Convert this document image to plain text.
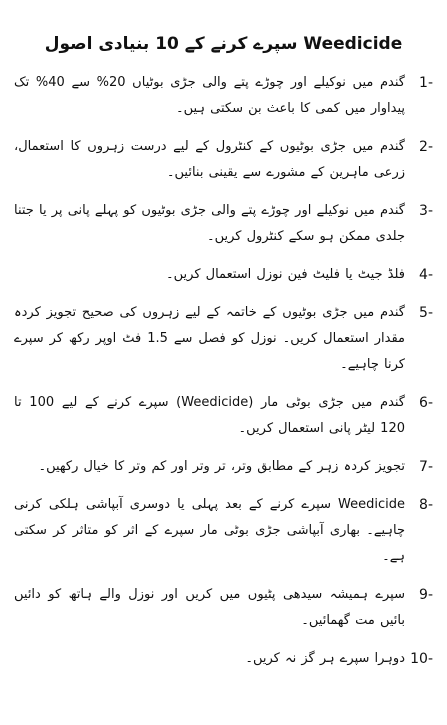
Weedicide سپرے کرنے کے 10 بنیادی اصول
-1
گندم میں نوکیلے اور چوڑے پتے والی جڑی بوٹیاں 20% سے 40% تک پیداوار میں کمی کا باعث بن سکتی ہیں۔
-2
گندم میں جڑی بوٹیوں کے کنٹرول کے لیے درست زہروں کا استعمال، زرعی ماہرین کے مشورے سے یقینی بنائیں۔
-3
گندم میں نوکیلے اور چوڑے پتے والی جڑی بوٹیوں کو پہلے پانی پر یا جتنا جلدی ممکن ہو سکے کنٹرول کریں۔
-4
فلڈ جیٹ یا فلیٹ فین نوزل استعمال کریں۔
-5
گندم میں جڑی بوٹیوں کے خاتمہ کے لیے زہروں کی صحیح تجویز کردہ مقدار استعمال کریں۔ نوزل کو فصل سے 1.5 فٹ اوپر رکھ کر سپرے کرنا چاہیے۔
-6
گندم میں جڑی بوٹی مار (Weedicide) سپرے کرنے کے لیے 100 تا 120 لیٹر پانی استعمال کریں۔
-7
تجویز کردہ زہر کے مطابق وتر، تر وتر اور کم وتر کا خیال رکھیں۔
-8
Weedicide سپرے کرنے کے بعد پہلی یا دوسری آبپاشی ہلکی کرنی چاہیے۔ بھاری آبپاشی جڑی بوٹی مار سپرے کے اثر کو متاثر کر سکتی ہے۔
-9
سپرے ہمیشہ سیدھی پٹیوں میں کریں اور نوزل والے ہاتھ کو دائیں بائیں مت گھمائیں۔
-10
دوہرا سپرے ہر گز نہ کریں۔
